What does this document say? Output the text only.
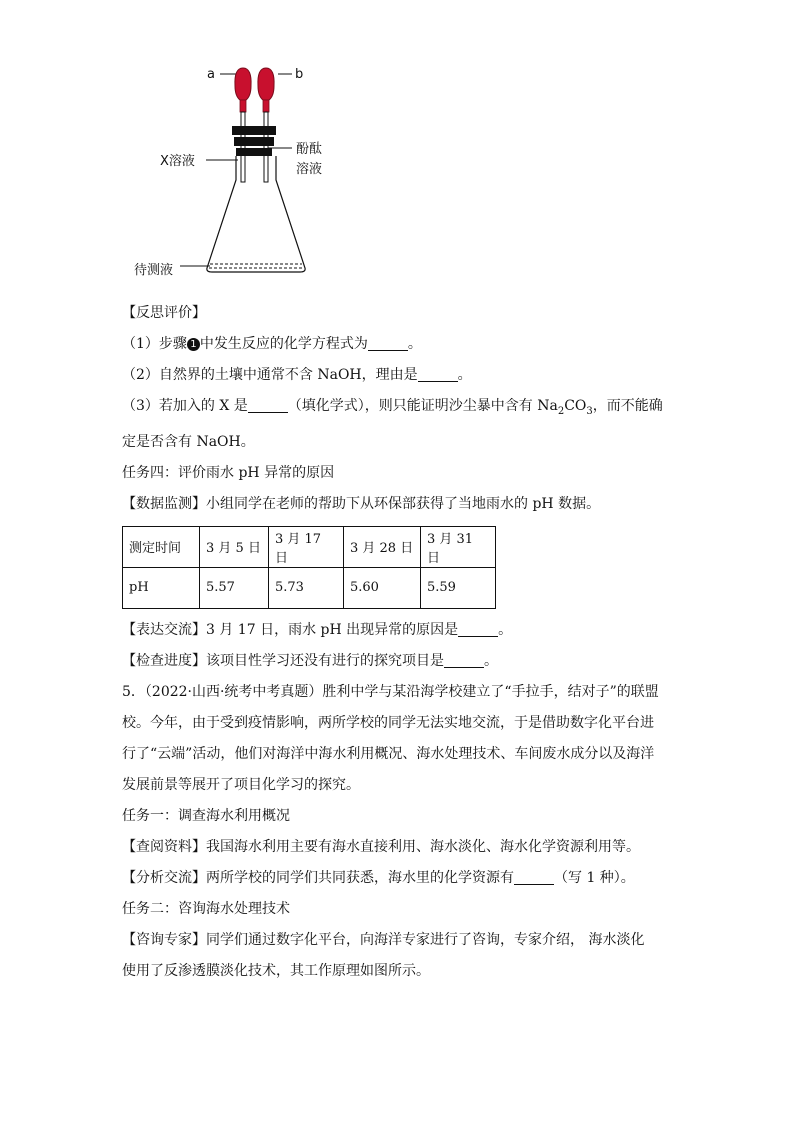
a	b
X溶液
酚酞
溶液
待测液

【反思评价】

（1）步骤 1 中发生反应的化学方程式为	。

（2）自然界的土壤中通常不含 NaOH，理由是	。

（3）若加入的 X 是	（填化学式），则只能证明沙尘暴中含有 $Na_2CO_3$，而不能确

定是否含有 NaOH。

任务四：评价雨水 pH 异常的原因

【数据监测】小组同学在老师的帮助下从环保部获得了当地雨水的 pH 数据。

测定时间	3 月 5 日	3 月 17 日	3 月 28 日	3 月 31 日
pH	5.57	5.73	5.60	5.59

【表达交流】3 月 17 日，雨水 pH 出现异常的原因是	。

【检查进度】该项目性学习还没有进行的探究项目是	。

5．（2022·山西·统考中考真题）胜利中学与某沿海学校建立了“手拉手，结对子”的联盟

校。今年，由于受到疫情影响，两所学校的同学无法实地交流，于是借助数字化平台进

行了“云端”活动，他们对海洋中海水利用概况、海水处理技术、车间废水成分以及海洋

发展前景等展开了项目化学习的探究。

任务一：调查海水利用概况

【查阅资料】我国海水利用主要有海水直接利用、海水淡化、海水化学资源利用等。

【分析交流】两所学校的同学们共同获悉，海水里的化学资源有	（写 1 种）。

任务二：咨询海水处理技术

【咨询专家】同学们通过数字化平台，向海洋专家进行了咨询，专家介绍， 海水淡化

使用了反渗透膜淡化技术，其工作原理如图所示。
